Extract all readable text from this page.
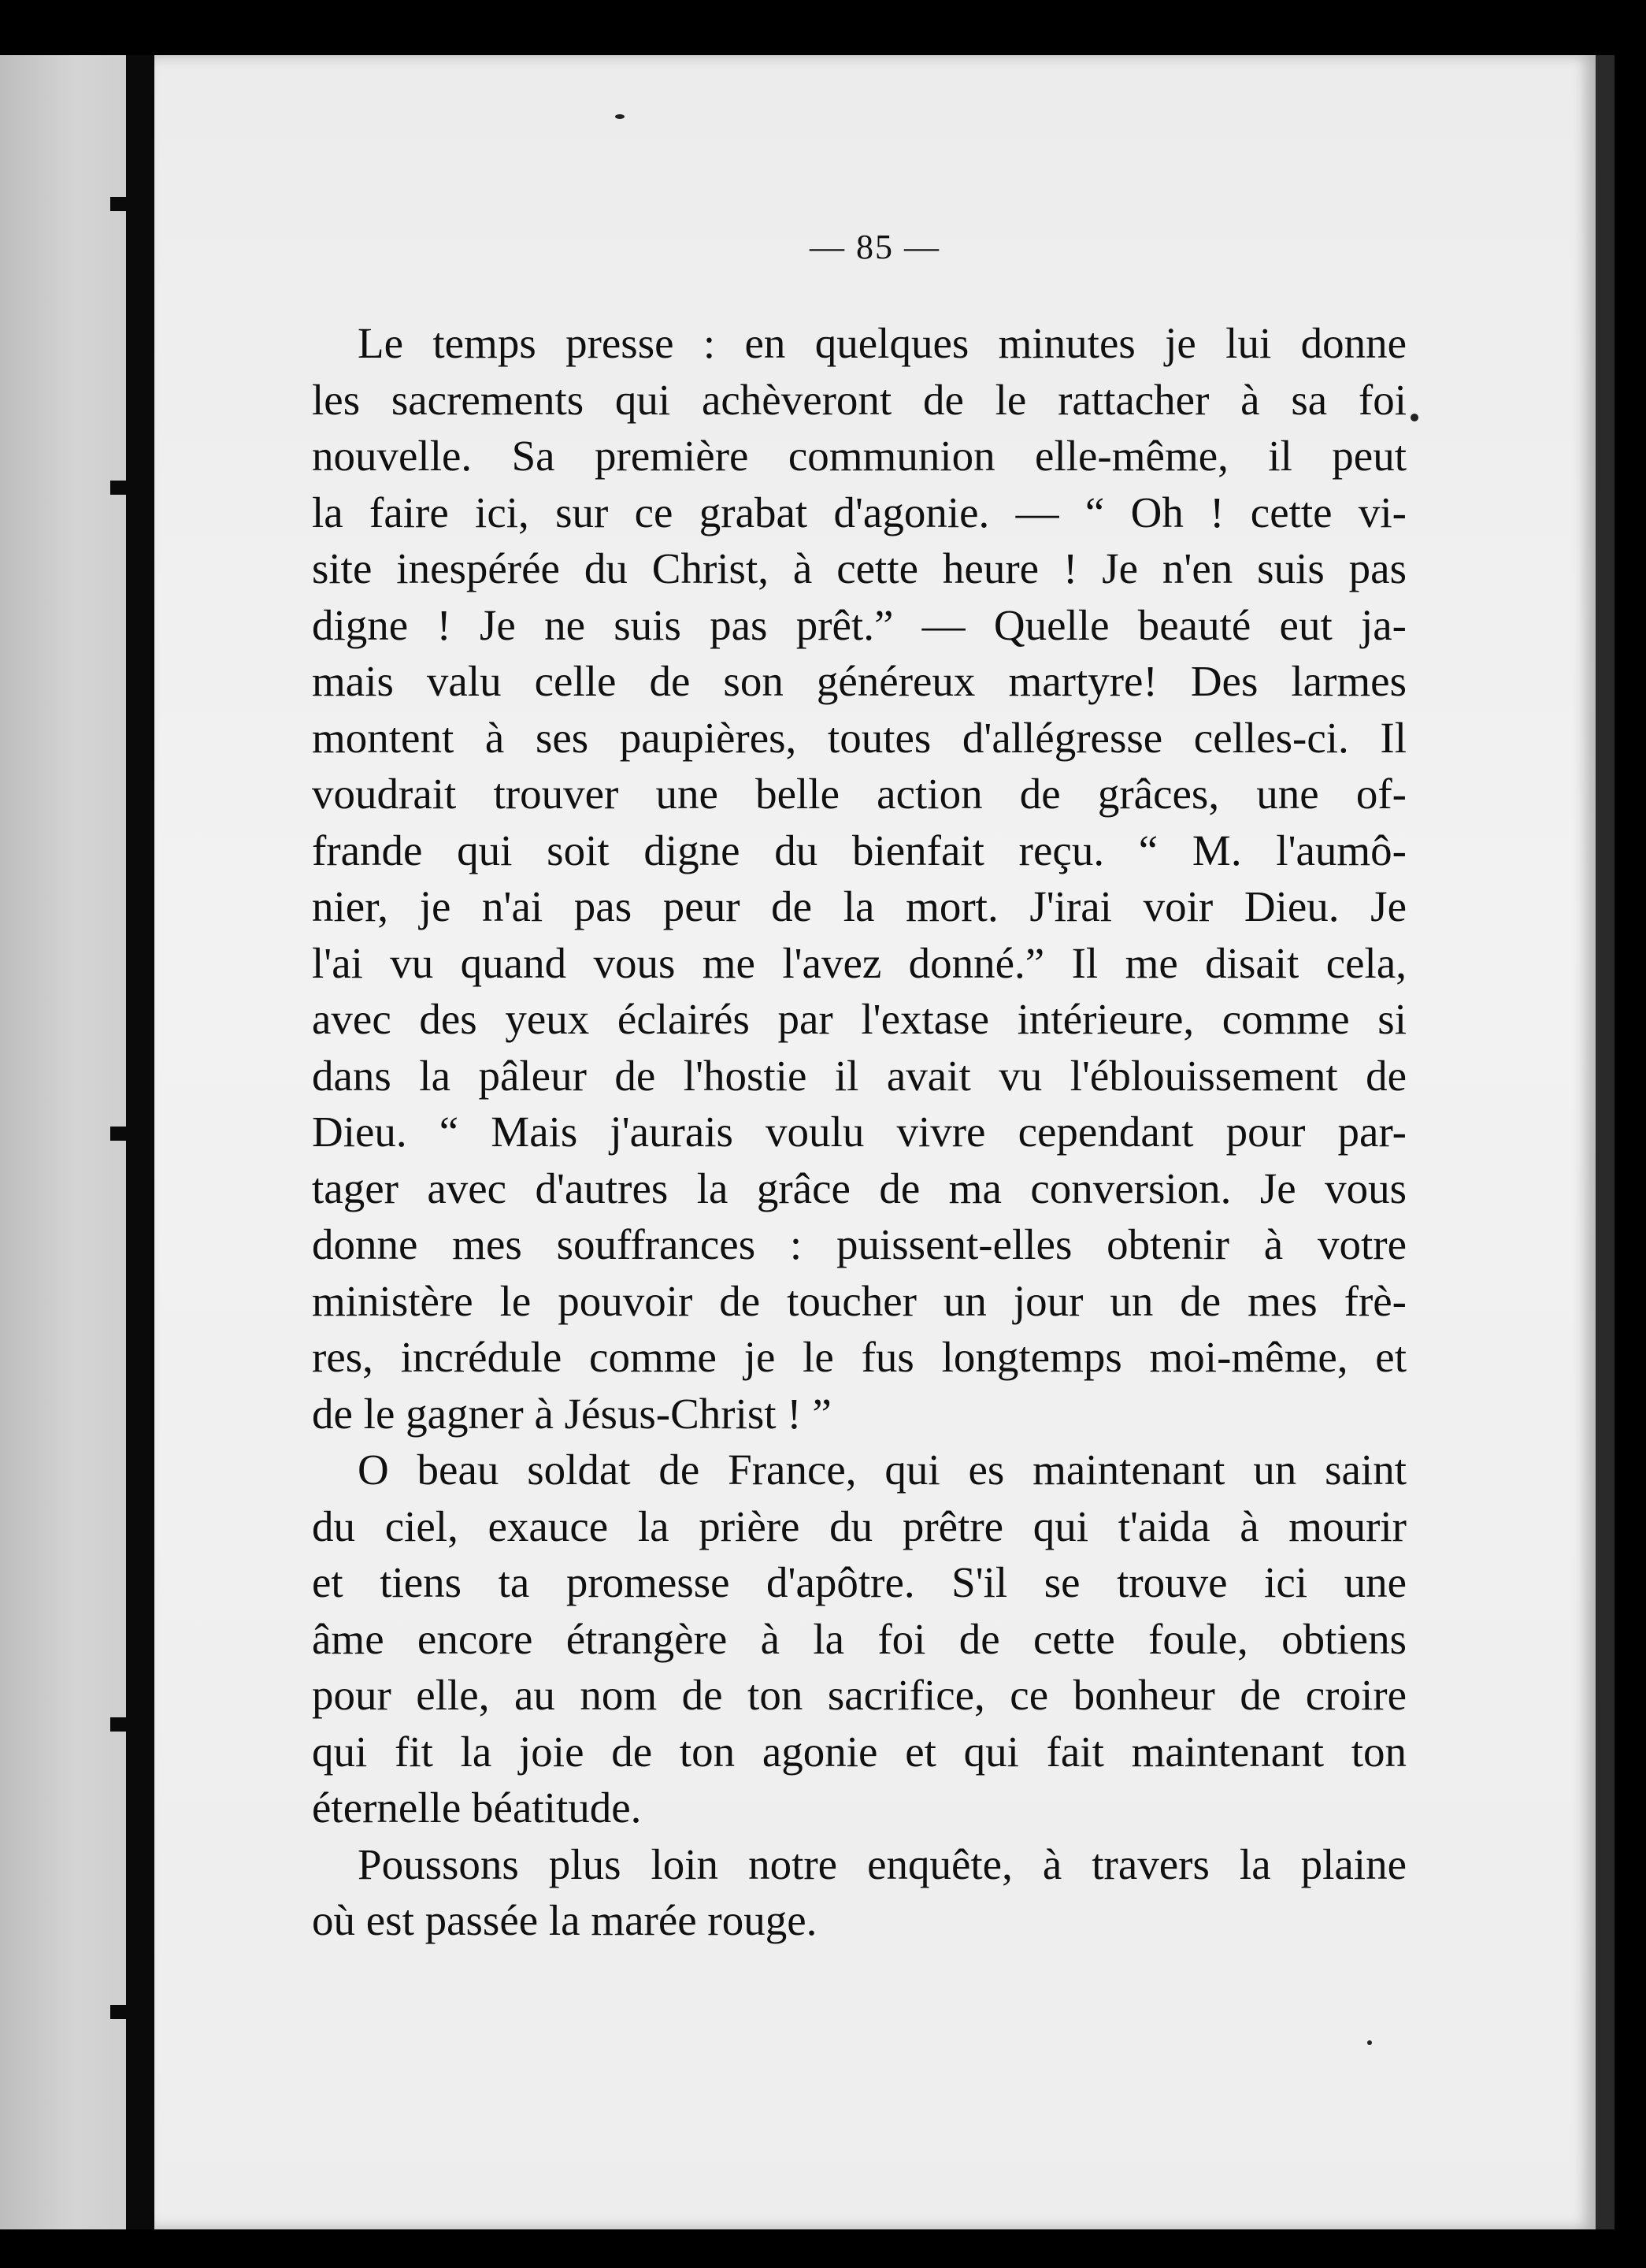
— 85 —
Le temps presse : en quelques minutes je lui donne
les sacrements qui achèveront de le rattacher à sa foi
nouvelle. Sa première communion elle-même, il peut
la faire ici, sur ce grabat d'agonie. — “ Oh ! cette vi-
site inespérée du Christ, à cette heure ! Je n'en suis pas
digne ! Je ne suis pas prêt.” — Quelle beauté eut ja-
mais valu celle de son généreux martyre! Des larmes
montent à ses paupières, toutes d'allégresse celles-ci. Il
voudrait trouver une belle action de grâces, une of-
frande qui soit digne du bienfait reçu. “ M. l'aumô-
nier, je n'ai pas peur de la mort. J'irai voir Dieu. Je
l'ai vu quand vous me l'avez donné.” Il me disait cela,
avec des yeux éclairés par l'extase intérieure, comme si
dans la pâleur de l'hostie il avait vu l'éblouissement de
Dieu. “ Mais j'aurais voulu vivre cependant pour par-
tager avec d'autres la grâce de ma conversion. Je vous
donne mes souffrances : puissent-elles obtenir à votre
ministère le pouvoir de toucher un jour un de mes frè-
res, incrédule comme je le fus longtemps moi-même, et
de le gagner à Jésus-Christ ! ”
O beau soldat de France, qui es maintenant un saint
du ciel, exauce la prière du prêtre qui t'aida à mourir
et tiens ta promesse d'apôtre. S'il se trouve ici une
âme encore étrangère à la foi de cette foule, obtiens
pour elle, au nom de ton sacrifice, ce bonheur de croire
qui fit la joie de ton agonie et qui fait maintenant ton
éternelle béatitude.
Poussons plus loin notre enquête, à travers la plaine
où est passée la marée rouge.
